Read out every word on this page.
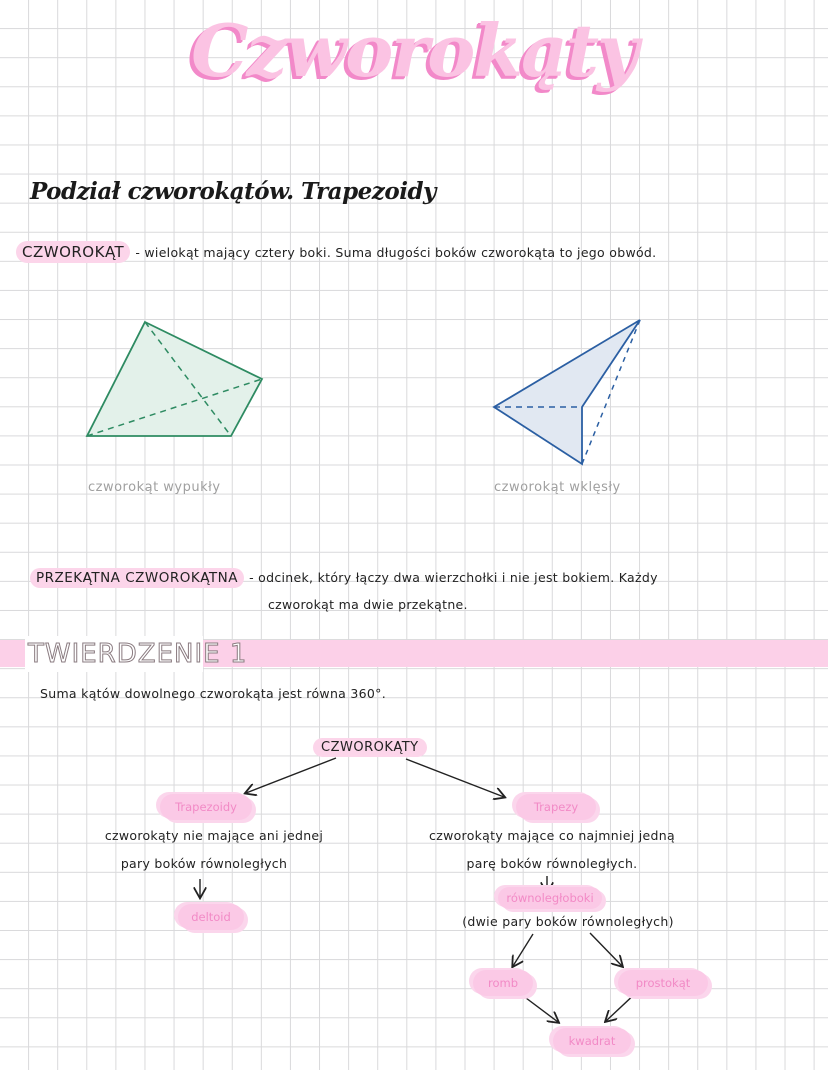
Czworokąty
Podział czworokątów. Trapezoidy
CZWOROKĄT - wielokąt mający cztery boki. Suma długości boków czworokąta to jego obwód.
czworokąt wypukły	czworokąt wklęsły
PRZEKĄTNA CZWOROKĄTNA - odcinek, który łączy dwa wierzchołki i nie jest bokiem. Każdy
czworokąt ma dwie przekątne.
TWIERDZENIE 1
Suma kątów dowolnego czworokąta jest równa 360°.
CZWOROKĄTY
Trapezoidy
czworokąty nie mające ani jednej
pary boków równoległych
deltoid
Trapezy
czworokąty mające co najmniej jedną
parę boków równoległych.
równoległoboki
(dwie pary boków równoległych)
romb	prostokąt
kwadrat
